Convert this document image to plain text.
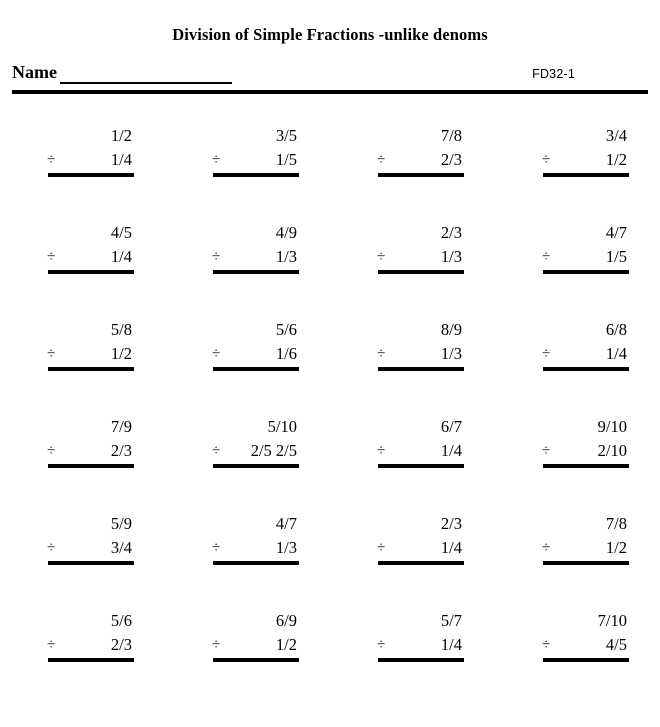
Division of Simple Fractions -unlike denoms
Name	FD32-1
1/2
÷	1/4
3/5
÷	1/5
7/8
÷	2/3
3/4
÷	1/2
4/5
÷	1/4
4/9
÷	1/3
2/3
÷	1/3
4/7
÷	1/5
5/8
÷	1/2
5/6
÷	1/6
8/9
÷	1/3
6/8
÷	1/4
7/9
÷	2/3
5/10
÷ 2/5 2/5
6/7
÷	1/4
9/10
÷	2/10
5/9
÷	3/4
4/7
÷	1/3
2/3
÷	1/4
7/8
÷	1/2
5/6
÷	2/3
6/9
÷	1/2
5/7
÷	1/4
7/10
÷	4/5
